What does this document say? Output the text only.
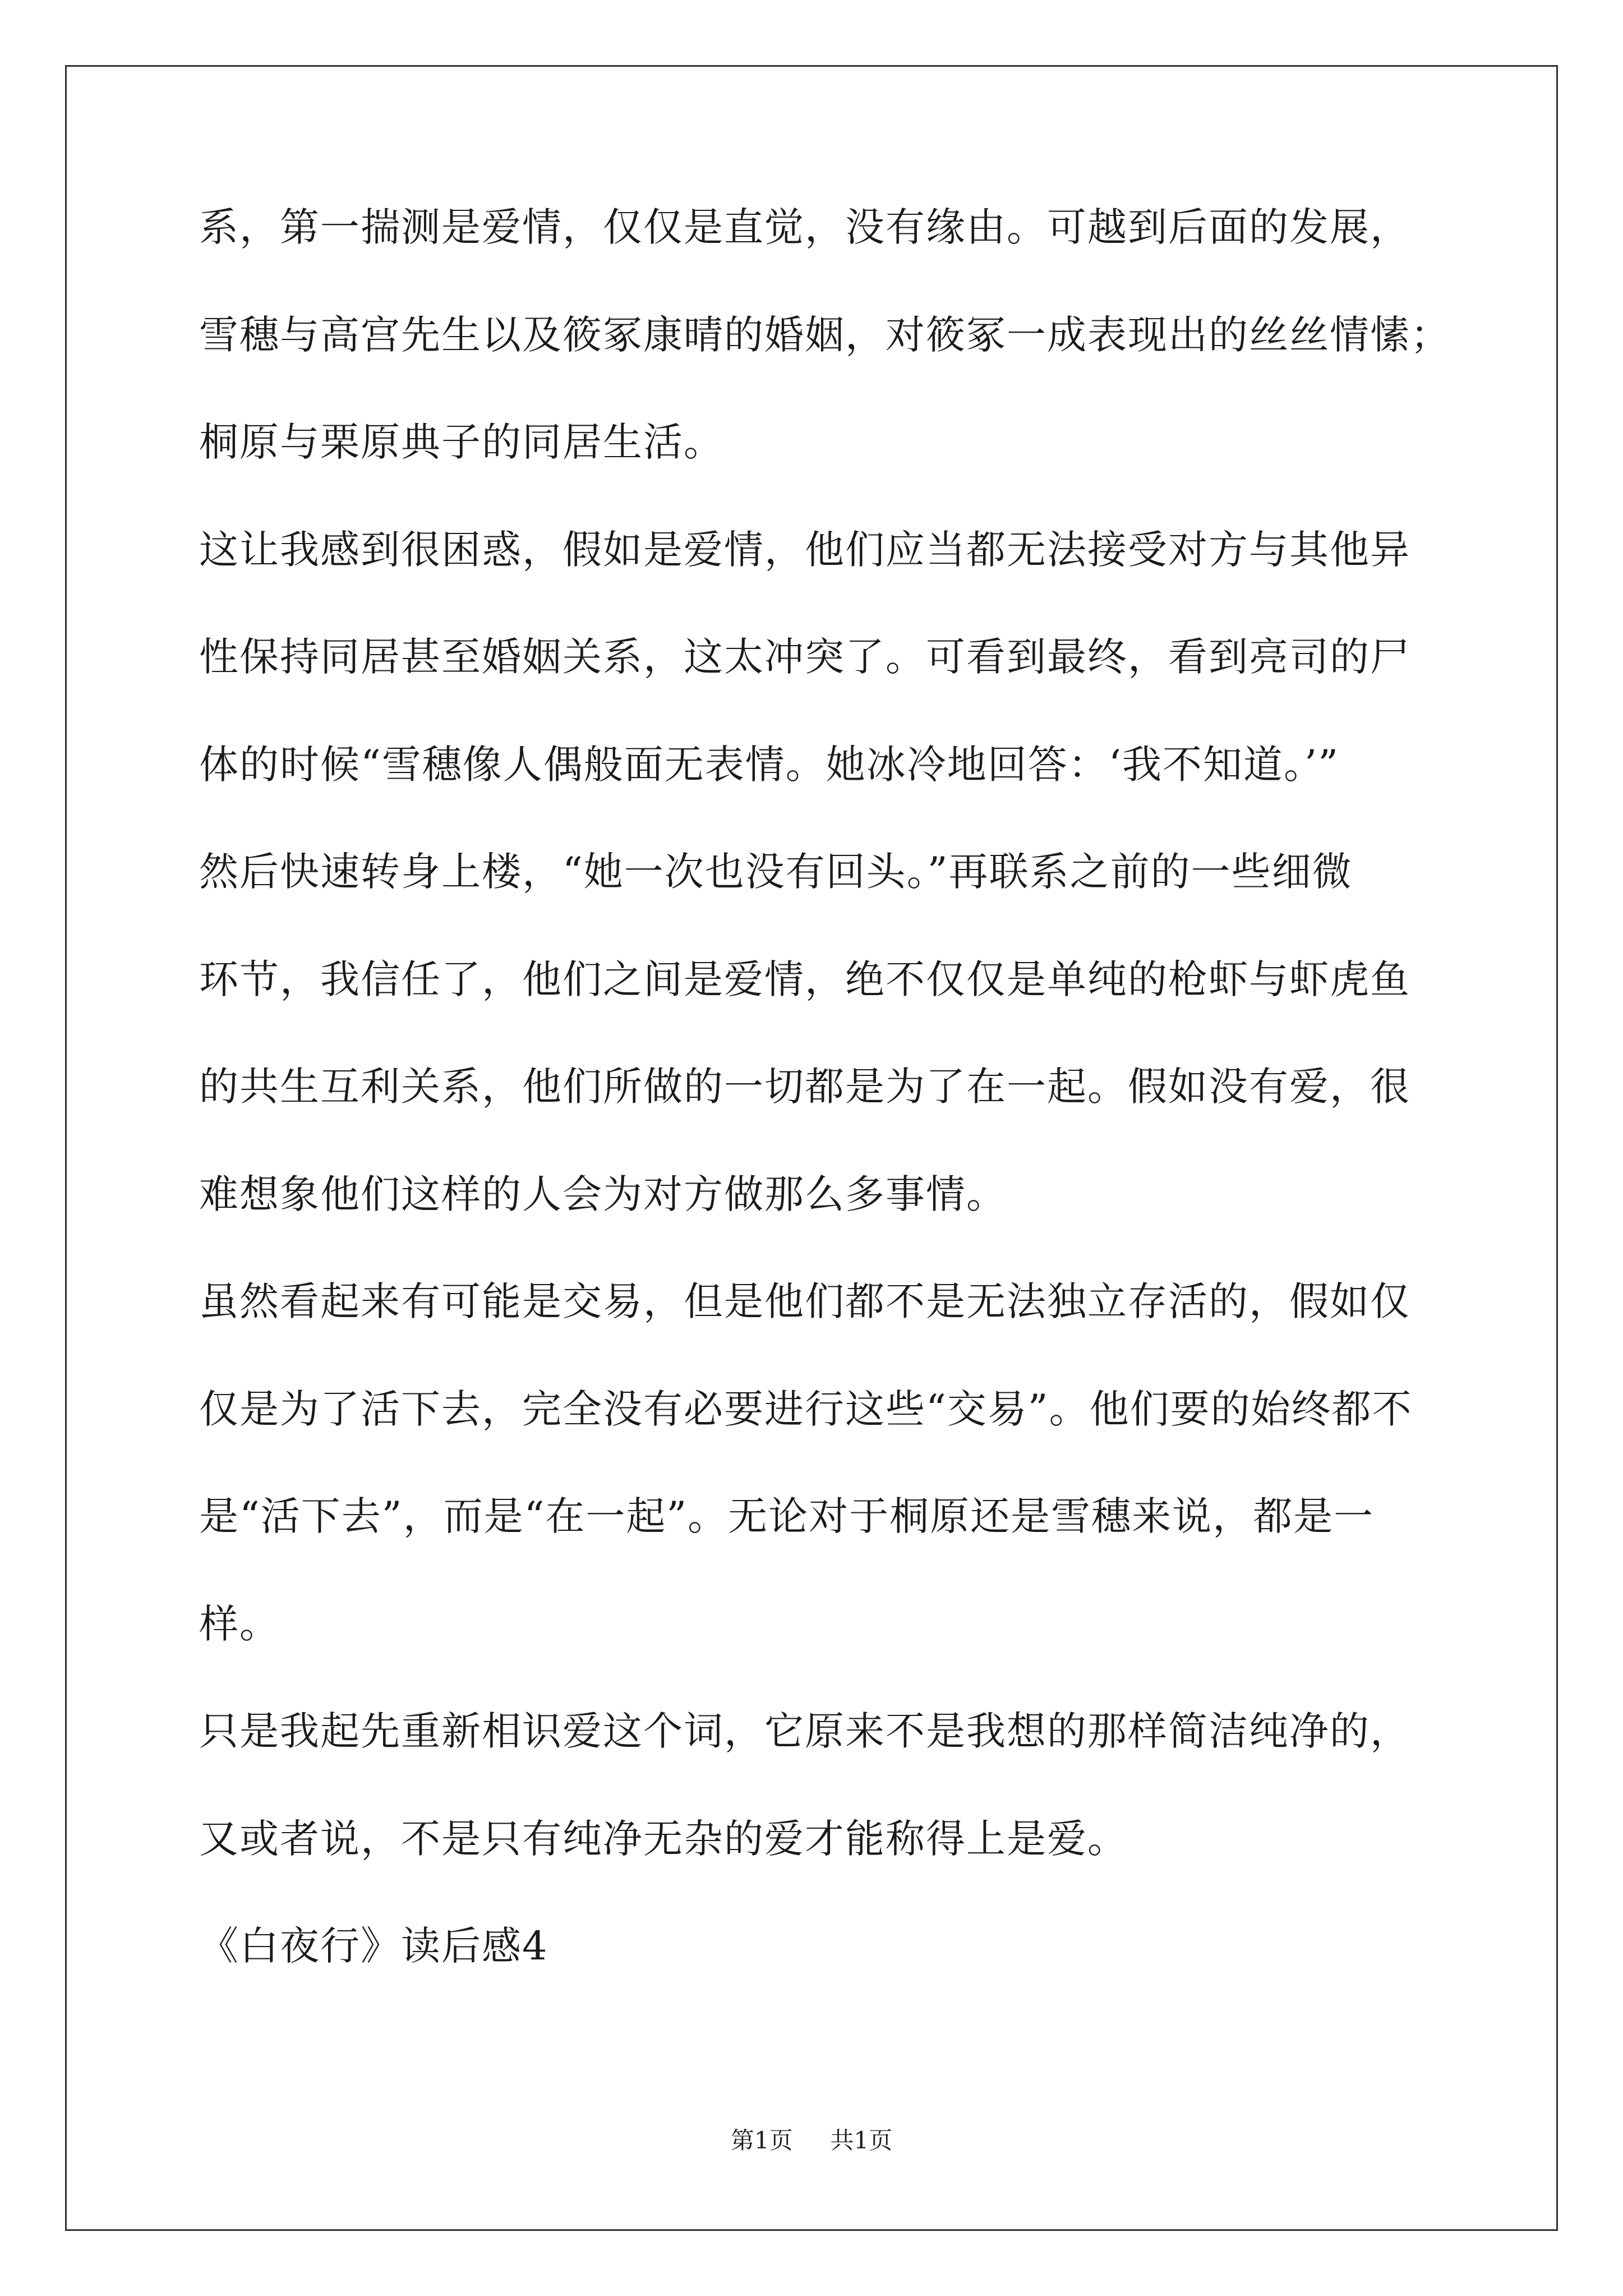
系，第一揣测是爱情，仅仅是直觉，没有缘由。可越到后面的发展，
雪穗与高宫先生以及筱冢康晴的婚姻，对筱冢一成表现出的丝丝情愫；
桐原与栗原典子的同居生活。
这让我感到很困惑，假如是爱情，他们应当都无法接受对方与其他异
性保持同居甚至婚姻关系，这太冲突了。可看到最终，看到亮司的尸
体的时候“雪穗像人偶般面无表情。她冰冷地回答：‘我不知道。’”
然后快速转身上楼，“她一次也没有回头。”再联系之前的一些细微
环节，我信任了，他们之间是爱情，绝不仅仅是单纯的枪虾与虾虎鱼
的共生互利关系，他们所做的一切都是为了在一起。假如没有爱，很
难想象他们这样的人会为对方做那么多事情。
虽然看起来有可能是交易，但是他们都不是无法独立存活的，假如仅
仅是为了活下去，完全没有必要进行这些“交易”。他们要的始终都不
是“活下去”，而是“在一起”。无论对于桐原还是雪穗来说，都是一
样。
只是我起先重新相识爱这个词，它原来不是我想的那样简洁纯净的，
又或者说，不是只有纯净无杂的爱才能称得上是爱。
《白夜行》读后感4
第1页 共1页
